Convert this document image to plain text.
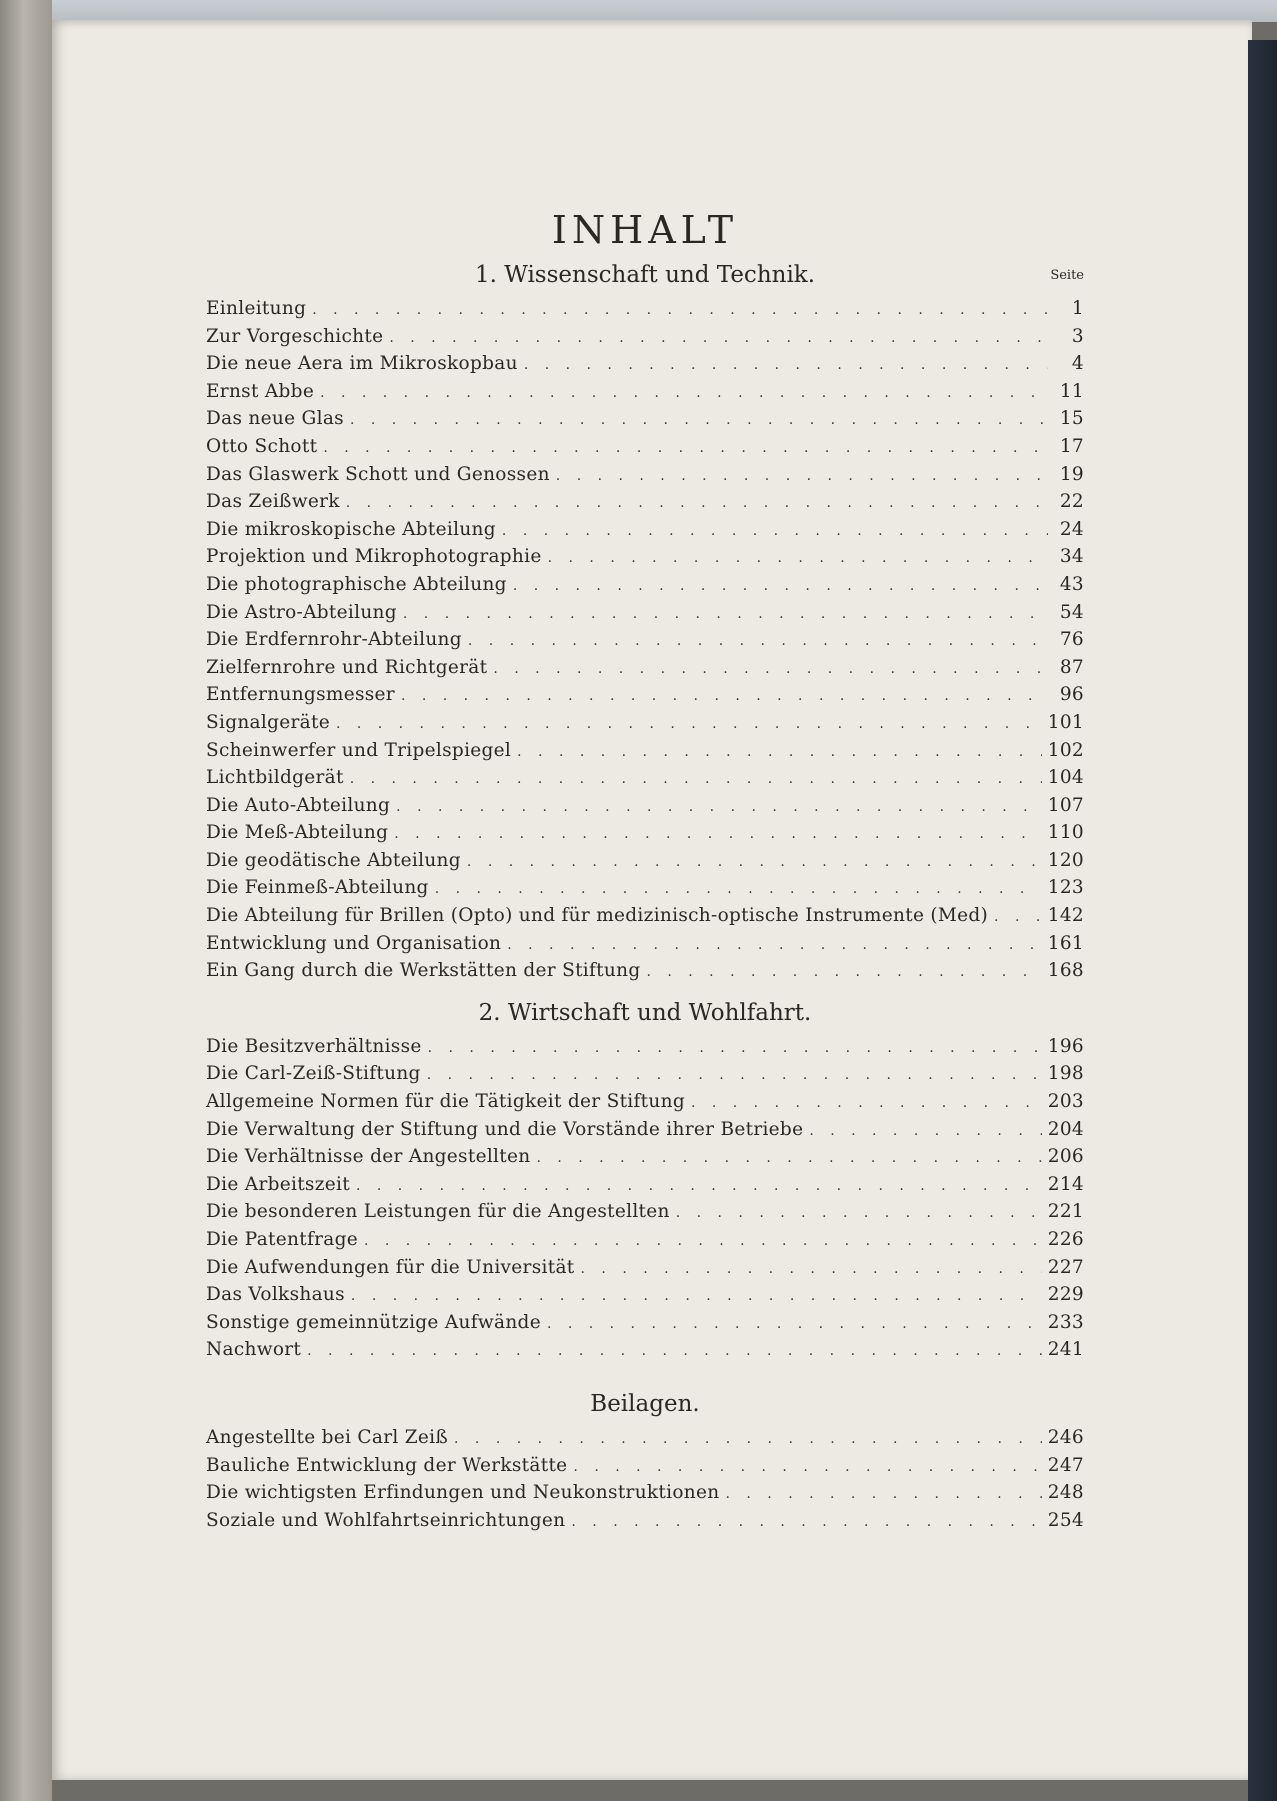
INHALT
1. Wissenschaft und Technik.	Seite
Einleitung . . .	1
Zur Vorgeschichte . . .	3
Die neue Aera im Mikroskopbau . . .	4
Ernst Abbe . . .	11
Das neue Glas . . .	15
Otto Schott . . .	17
Das Glaswerk Schott und Genossen . . .	19
Das Zeißwerk . . .	22
Die mikroskopische Abteilung . . .	24
Projektion und Mikrophotographie . . .	34
Die photographische Abteilung . . .	43
Die Astro-Abteilung . . .	54
Die Erdfernrohr-Abteilung . . .	76
Zielfernrohre und Richtgerät . . .	87
Entfernungsmesser . . .	96
Signalgeräte . . .	101
Scheinwerfer und Tripelspiegel . . .	102
Lichtbildgerät . . .	104
Die Auto-Abteilung . . .	107
Die Meß-Abteilung . . .	110
Die geodätische Abteilung . . .	120
Die Feinmeß-Abteilung . . .	123
Die Abteilung für Brillen (Opto) und für medizinisch-optische Instrumente (Med) . . .	142
Entwicklung und Organisation . . .	161
Ein Gang durch die Werkstätten der Stiftung . . .	168
2. Wirtschaft und Wohlfahrt.
Die Besitzverhältnisse . . .	196
Die Carl-Zeiß-Stiftung . . .	198
Allgemeine Normen für die Tätigkeit der Stiftung . . .	203
Die Verwaltung der Stiftung und die Vorstände ihrer Betriebe . . .	204
Die Verhältnisse der Angestellten . . .	206
Die Arbeitszeit . . .	214
Die besonderen Leistungen für die Angestellten . . .	221
Die Patentfrage . . .	226
Die Aufwendungen für die Universität . . .	227
Das Volkshaus . . .	229
Sonstige gemeinnützige Aufwände . . .	233
Nachwort . . .	241
Beilagen.
Angestellte bei Carl Zeiß . . .	246
Bauliche Entwicklung der Werkstätte . . .	247
Die wichtigsten Erfindungen und Neukonstruktionen . . .	248
Soziale und Wohlfahrtseinrichtungen . . .	254
